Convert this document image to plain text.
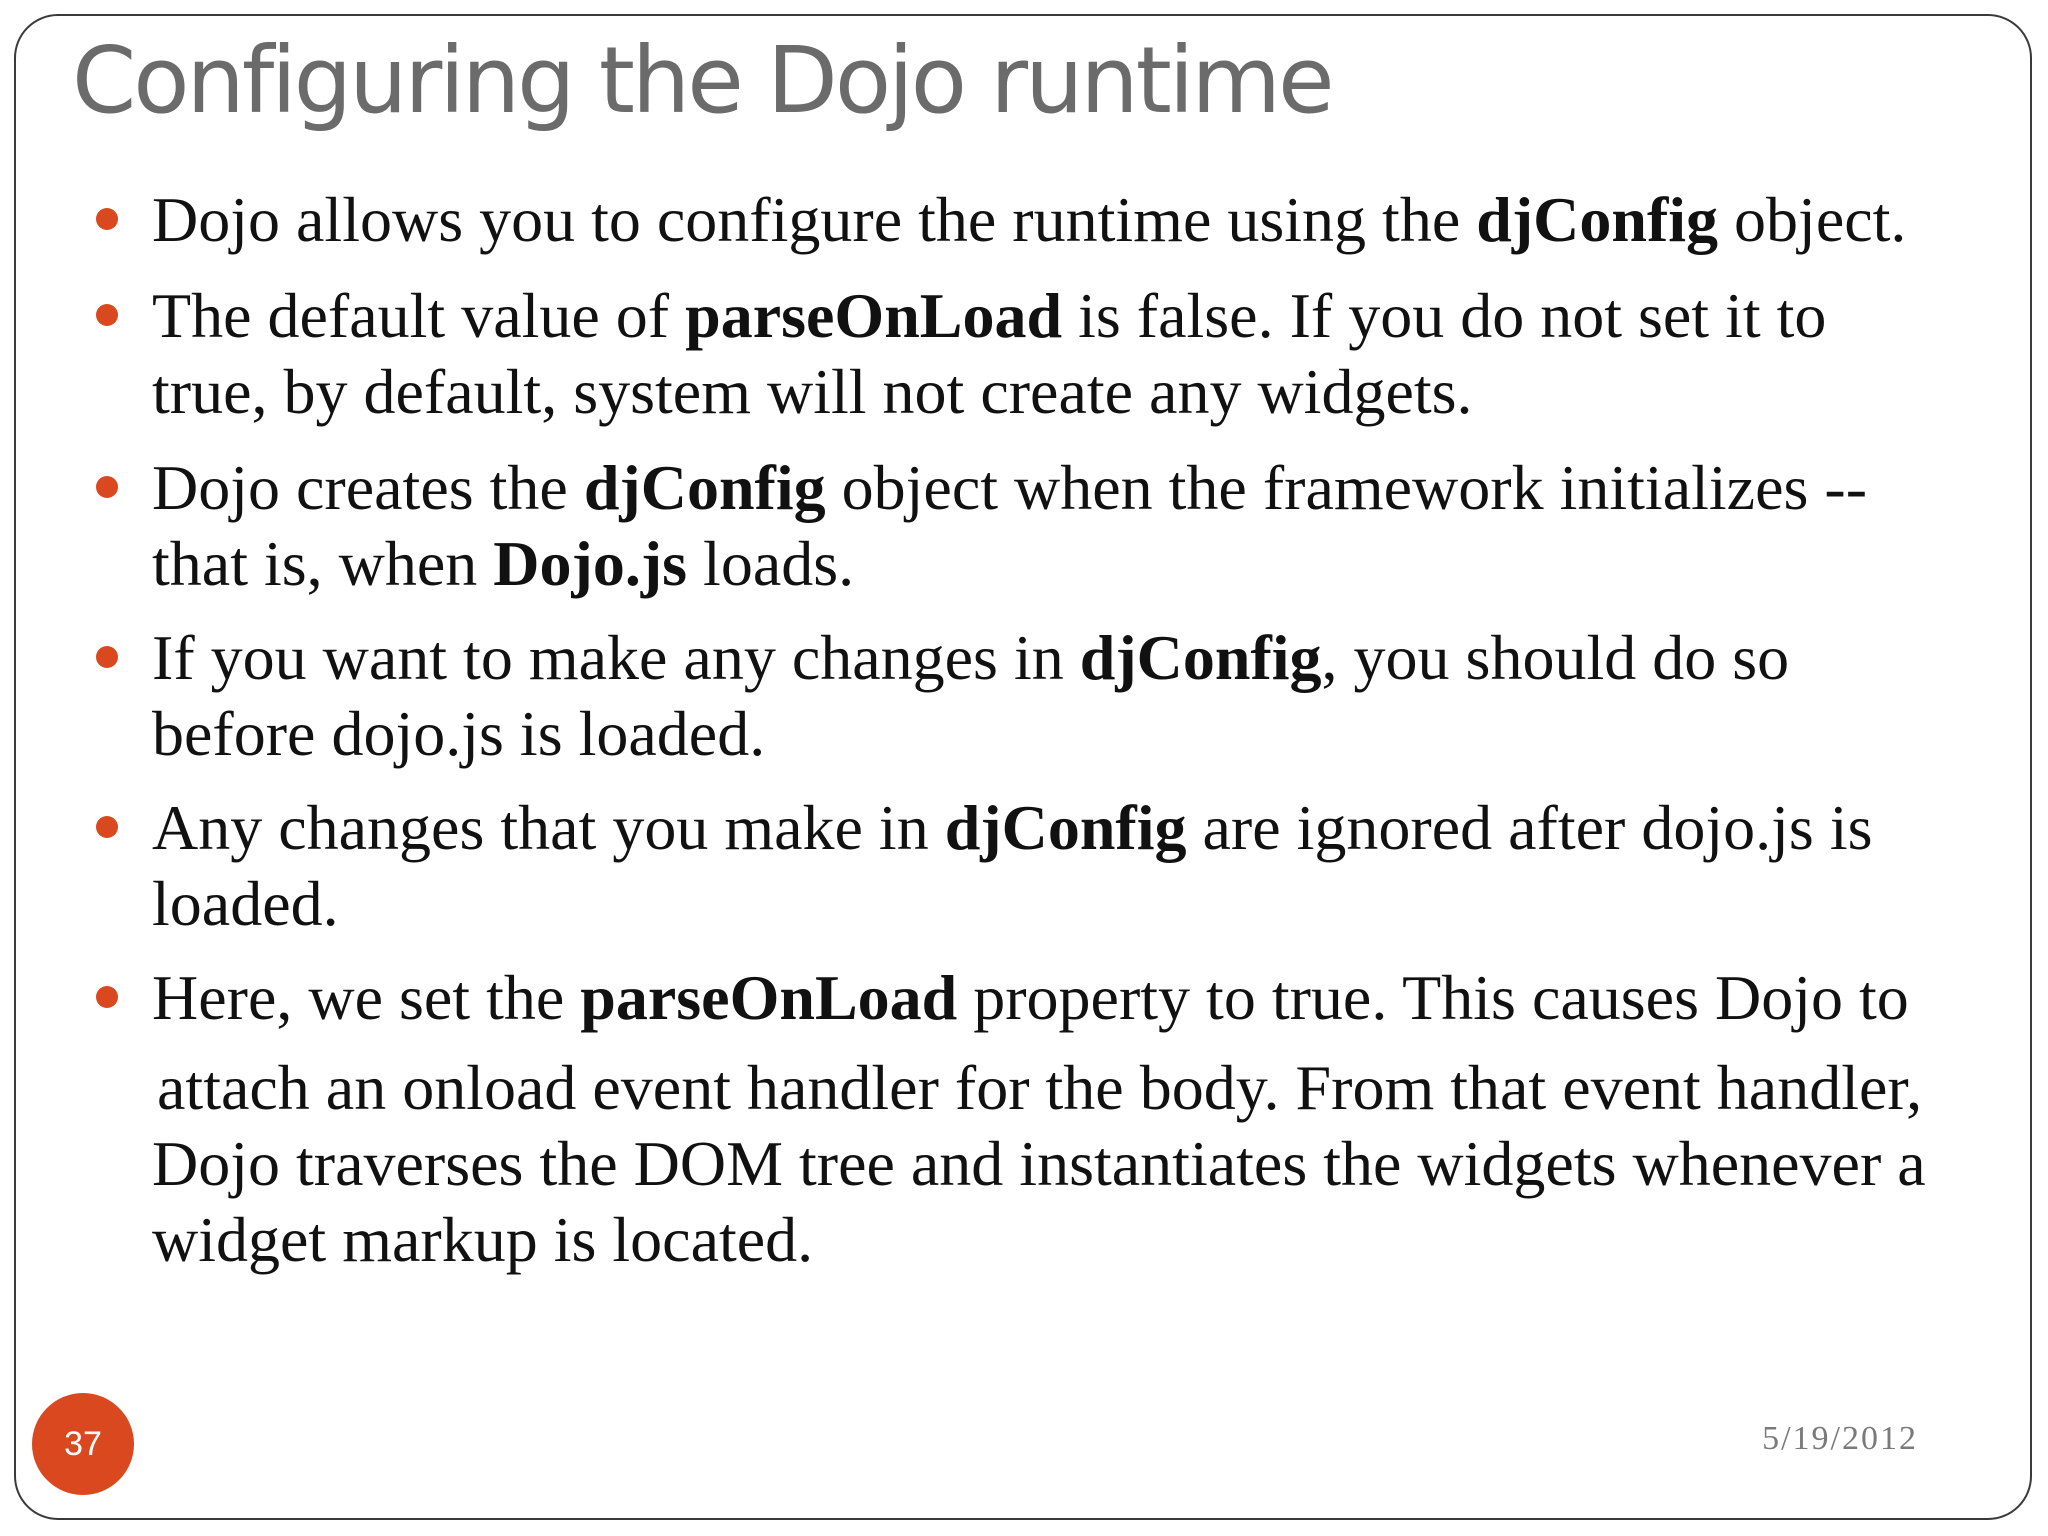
Configuring the Dojo runtime
Dojo allows you to configure the runtime using the djConfig object.
The default value of parseOnLoad is false. If you do not set it to
true, by default, system will not create any widgets.
Dojo creates the djConfig object when the framework initializes --
that is, when Dojo.js loads.
If you want to make any changes in djConfig, you should do so
before dojo.js is loaded.
Any changes that you make in djConfig are ignored after dojo.js is
loaded.
Here, we set the parseOnLoad property to true. This causes Dojo to
attach an onload event handler for the body. From that event handler,
Dojo traverses the DOM tree and instantiates the widgets whenever a
widget markup is located.
37	5/19/2012
